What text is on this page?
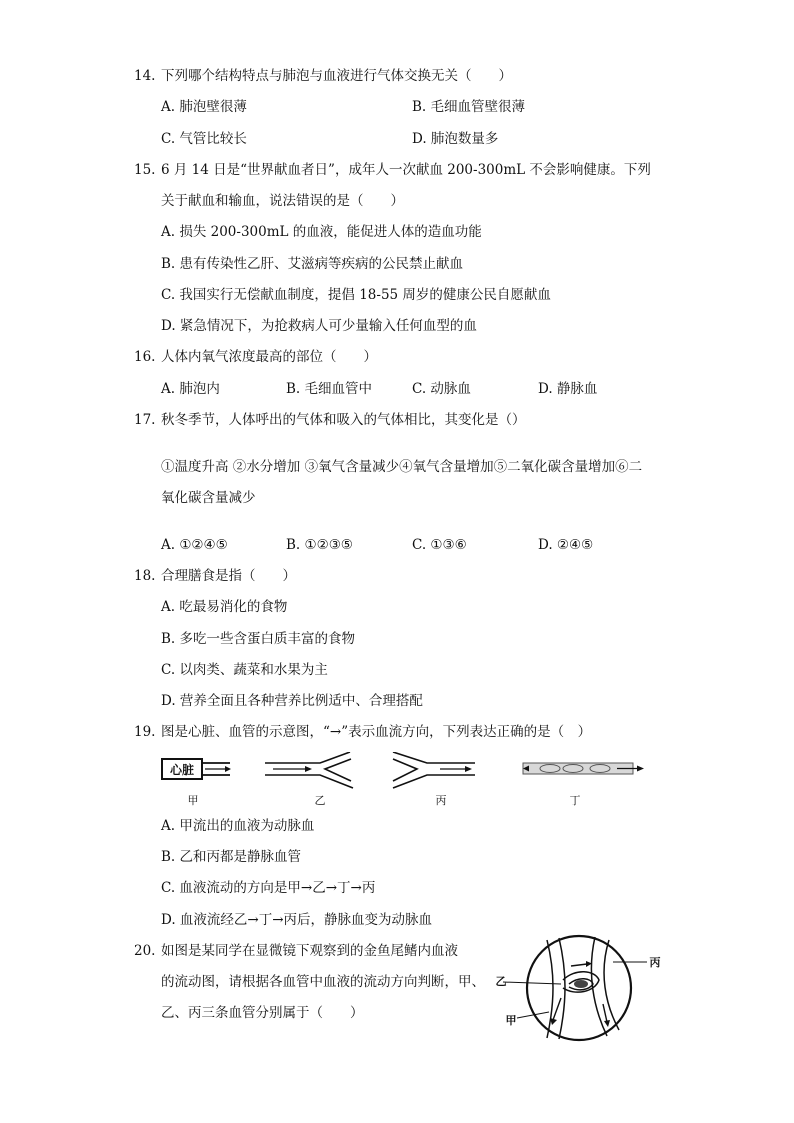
14. 下列哪个结构特点与肺泡与血液进行气体交换无关（　　）
A. 肺泡壁很薄	B. 毛细血管壁很薄
C. 气管比较长	D. 肺泡数量多
15. 6 月 14 日是“世界献血者日”，成年人一次献血 200-300mL 不会影响健康。下列
关于献血和输血，说法错误的是（　　）
A. 损失 200-300mL 的血液，能促进人体的造血功能
B. 患有传染性乙肝、艾滋病等疾病的公民禁止献血
C. 我国实行无偿献血制度，提倡 18-55 周岁的健康公民自愿献血
D. 紧急情况下，为抢救病人可少量输入任何血型的血
16. 人体内氧气浓度最高的部位（　　）
A. 肺泡内	B. 毛细血管中	C. 动脉血	D. 静脉血
17. 秋冬季节，人体呼出的气体和吸入的气体相比，其变化是（）
①温度升高 ②水分增加 ③氧气含量减少④氧气含量增加⑤二氧化碳含量增加⑥二
氧化碳含量减少
A. ①②④⑤	B. ①②③⑤	C. ①③⑥	D. ②④⑤
18. 合理膳食是指（　　）
A. 吃最易消化的食物
B. 多吃一些含蛋白质丰富的食物
C. 以肉类、蔬菜和水果为主
D. 营养全面且各种营养比例适中、合理搭配
19. 图是心脏、血管的示意图，“→”表示血流方向，下列表达正确的是（　）
心脏
甲	乙	丙	丁
A. 甲流出的血液为动脉血
B. 乙和丙都是静脉血管
C. 血液流动的方向是甲→乙→丁→丙
D. 血液流经乙→丁→丙后，静脉血变为动脉血
20. 如图是某同学在显微镜下观察到的金鱼尾鳍内血液
的流动图，请根据各血管中血液的流动方向判断，甲、
乙、丙三条血管分别属于（　　）
乙
丙
甲
